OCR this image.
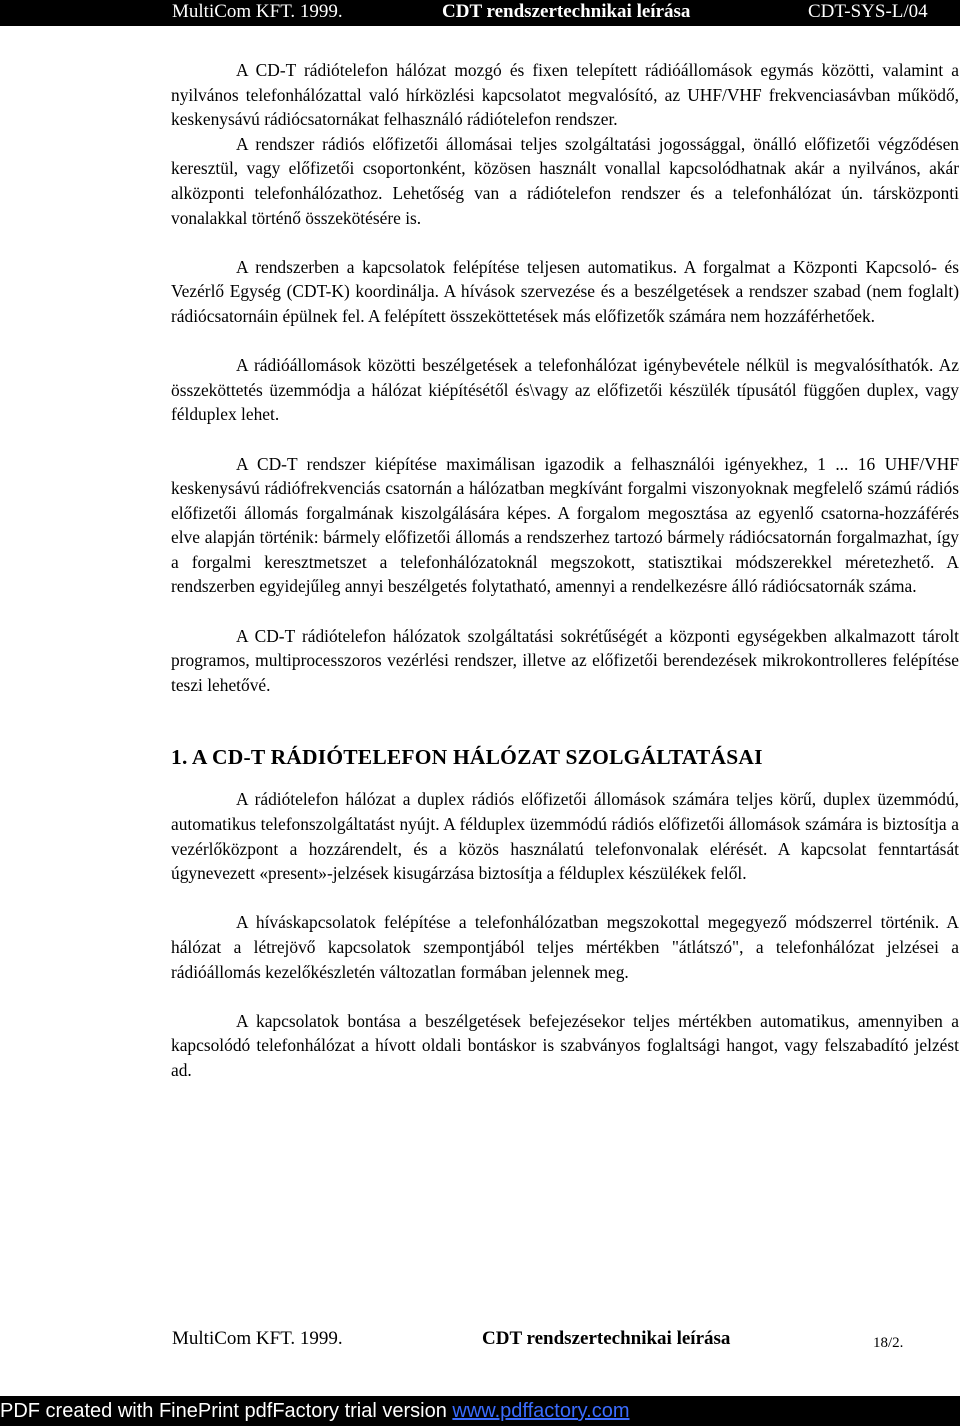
MultiCom KFT. 1999.	CDT rendszertechnikai leírása	CDT-SYS-L/04

A CD-T rádiótelefon hálózat mozgó és fixen telepített rádióállomások egymás közötti, valamint a nyilvános telefonhálózattal való hírközlési kapcsolatot megvalósító, az UHF/VHF frekvenciasávban működő, keskenysávú rádiócsatornákat felhasználó rádiótelefon rendszer.

A rendszer rádiós előfizetői állomásai teljes szolgáltatási jogossággal, önálló előfizetői végződésen keresztül, vagy előfizetői csoportonként, közösen használt vonallal kapcsolódhatnak akár a nyilvános, akár alközponti telefonhálózathoz. Lehetőség van a rádiótelefon rendszer és a telefonhálózat ún. társközponti vonalakkal történő összekötésére is.

A rendszerben a kapcsolatok felépítése teljesen automatikus. A forgalmat a Központi Kapcsoló- és Vezérlő Egység (CDT-K) koordinálja. A hívások szervezése és a beszélgetések a rendszer szabad (nem foglalt) rádiócsatornáin épülnek fel. A felépített összeköttetések más előfizetők számára nem hozzáférhetőek.

A rádióállomások közötti beszélgetések a telefonhálózat igénybevétele nélkül is megvalósíthatók. Az összeköttetés üzemmódja a hálózat kiépítésétől és\vagy az előfizetői készülék típusától függően duplex, vagy félduplex lehet.

A CD-T rendszer kiépítése maximálisan igazodik a felhasználói igényekhez, 1 ... 16 UHF/VHF keskenysávú rádiófrekvenciás csatornán a hálózatban megkívánt forgalmi viszonyoknak megfelelő számú rádiós előfizetői állomás forgalmának kiszolgálására képes. A forgalom megosztása az egyenlő csatorna-hozzáférés elve alapján történik: bármely előfizetői állomás a rendszerhez tartozó bármely rádiócsatornán forgalmazhat, így a forgalmi keresztmetszet a telefonhálózatoknál megszokott, statisztikai módszerekkel méretezhető. A rendszerben egyidejűleg annyi beszélgetés folytatható, amennyi a rendelkezésre álló rádiócsatornák száma.

A CD-T rádiótelefon hálózatok szolgáltatási sokrétűségét a központi egységekben alkalmazott tárolt programos, multiprocesszoros vezérlési rendszer, illetve az előfizetői berendezések mikrokontrolleres felépítése teszi lehetővé.

1. A CD-T RÁDIÓTELEFON HÁLÓZAT SZOLGÁLTATÁSAI

A rádiótelefon hálózat a duplex rádiós előfizetői állomások számára teljes körű, duplex üzemmódú, automatikus telefonszolgáltatást nyújt. A félduplex üzemmódú rádiós előfizetői állomások számára is biztosítja a vezérlőközpont a hozzárendelt, és a közös használatú telefonvonalak elérését. A kapcsolat fenntartását úgynevezett «present»-jelzések kisugárzása biztosítja a félduplex készülékek felől.

A híváskapcsolatok felépítése a telefonhálózatban megszokottal megegyező módszerrel történik. A hálózat a létrejövő kapcsolatok szempontjából teljes mértékben "átlátszó", a telefonhálózat jelzései a rádióállomás kezelőkészletén változatlan formában jelennek meg.

A kapcsolatok bontása a beszélgetések befejezésekor teljes mértékben automatikus, amennyiben a kapcsolódó telefonhálózat a hívott oldali bontáskor is szabványos foglaltsági hangot, vagy felszabadító jelzést ad.

MultiCom KFT. 1999.	CDT rendszertechnikai leírása	18/2.
PDF created with FinePrint pdfFactory trial version www.pdffactory.com
